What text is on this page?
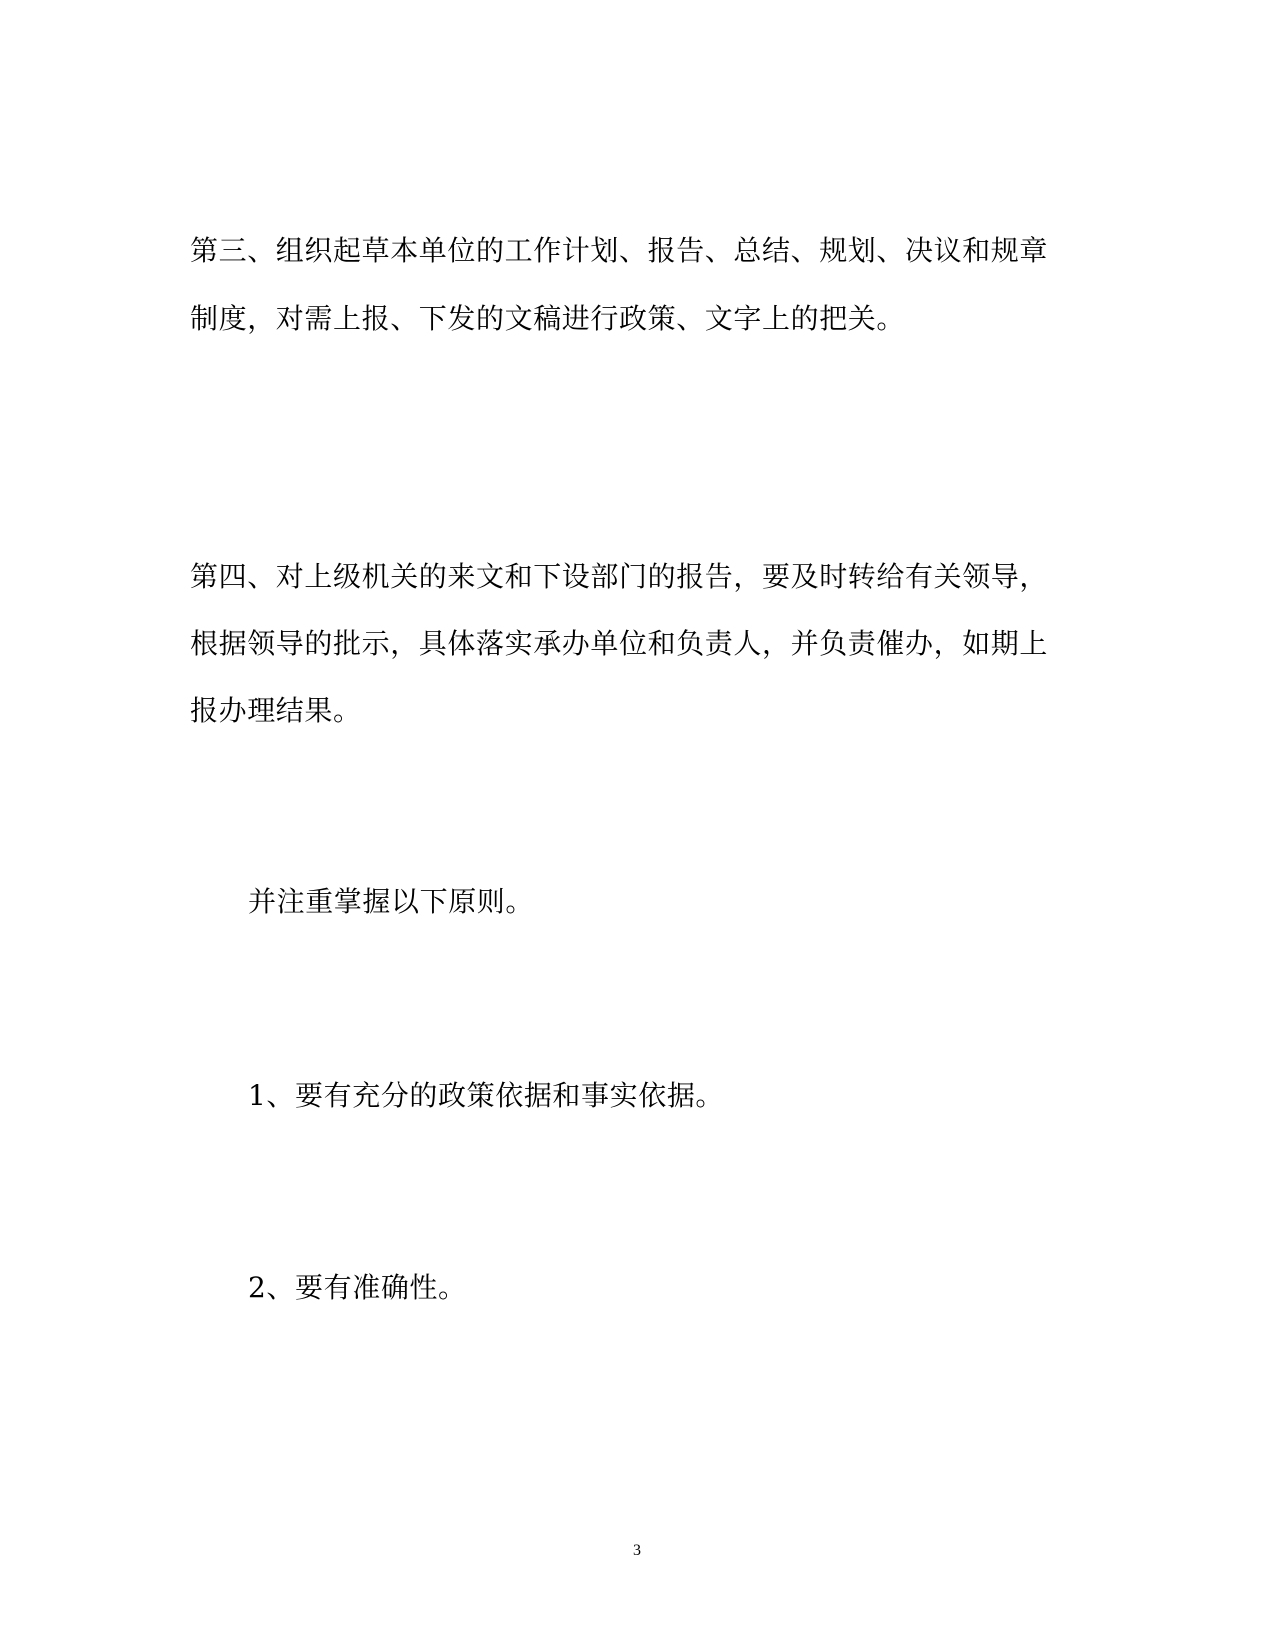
第三、组织起草本单位的工作计划、报告、总结、规划、决议和规章
制度，对需上报、下发的文稿进行政策、文字上的把关。
第四、对上级机关的来文和下设部门的报告，要及时转给有关领导，
根据领导的批示，具体落实承办单位和负责人，并负责催办，如期上
报办理结果。
并注重掌握以下原则。
1、要有充分的政策依据和事实依据。
2、要有准确性。
3
